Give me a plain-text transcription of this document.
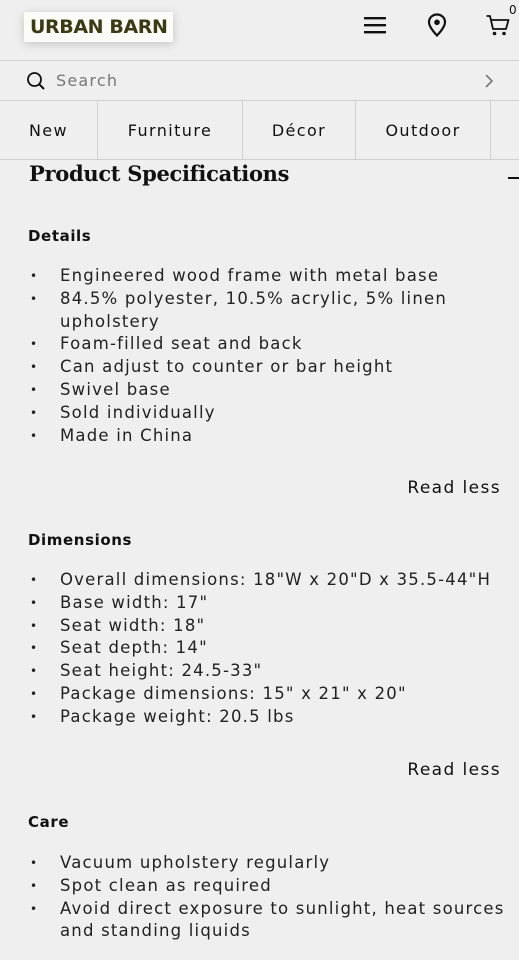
URBAN BARN
0
Search
New	Furniture	Décor	Outdoor
Product Specifications
Details
• Engineered wood frame with metal base
• 84.5% polyester, 10.5% acrylic, 5% linen
upholstery
• Foam-filled seat and back
• Can adjust to counter or bar height
• Swivel base
• Sold individually
• Made in China
Read less
Dimensions
• Overall dimensions: 18"W x 20"D x 35.5-44"H
• Base width: 17"
• Seat width: 18"
• Seat depth: 14"
• Seat height: 24.5-33"
• Package dimensions: 15" x 21" x 20"
• Package weight: 20.5 lbs
Read less
Care
• Vacuum upholstery regularly
• Spot clean as required
• Avoid direct exposure to sunlight, heat sources
and standing liquids
